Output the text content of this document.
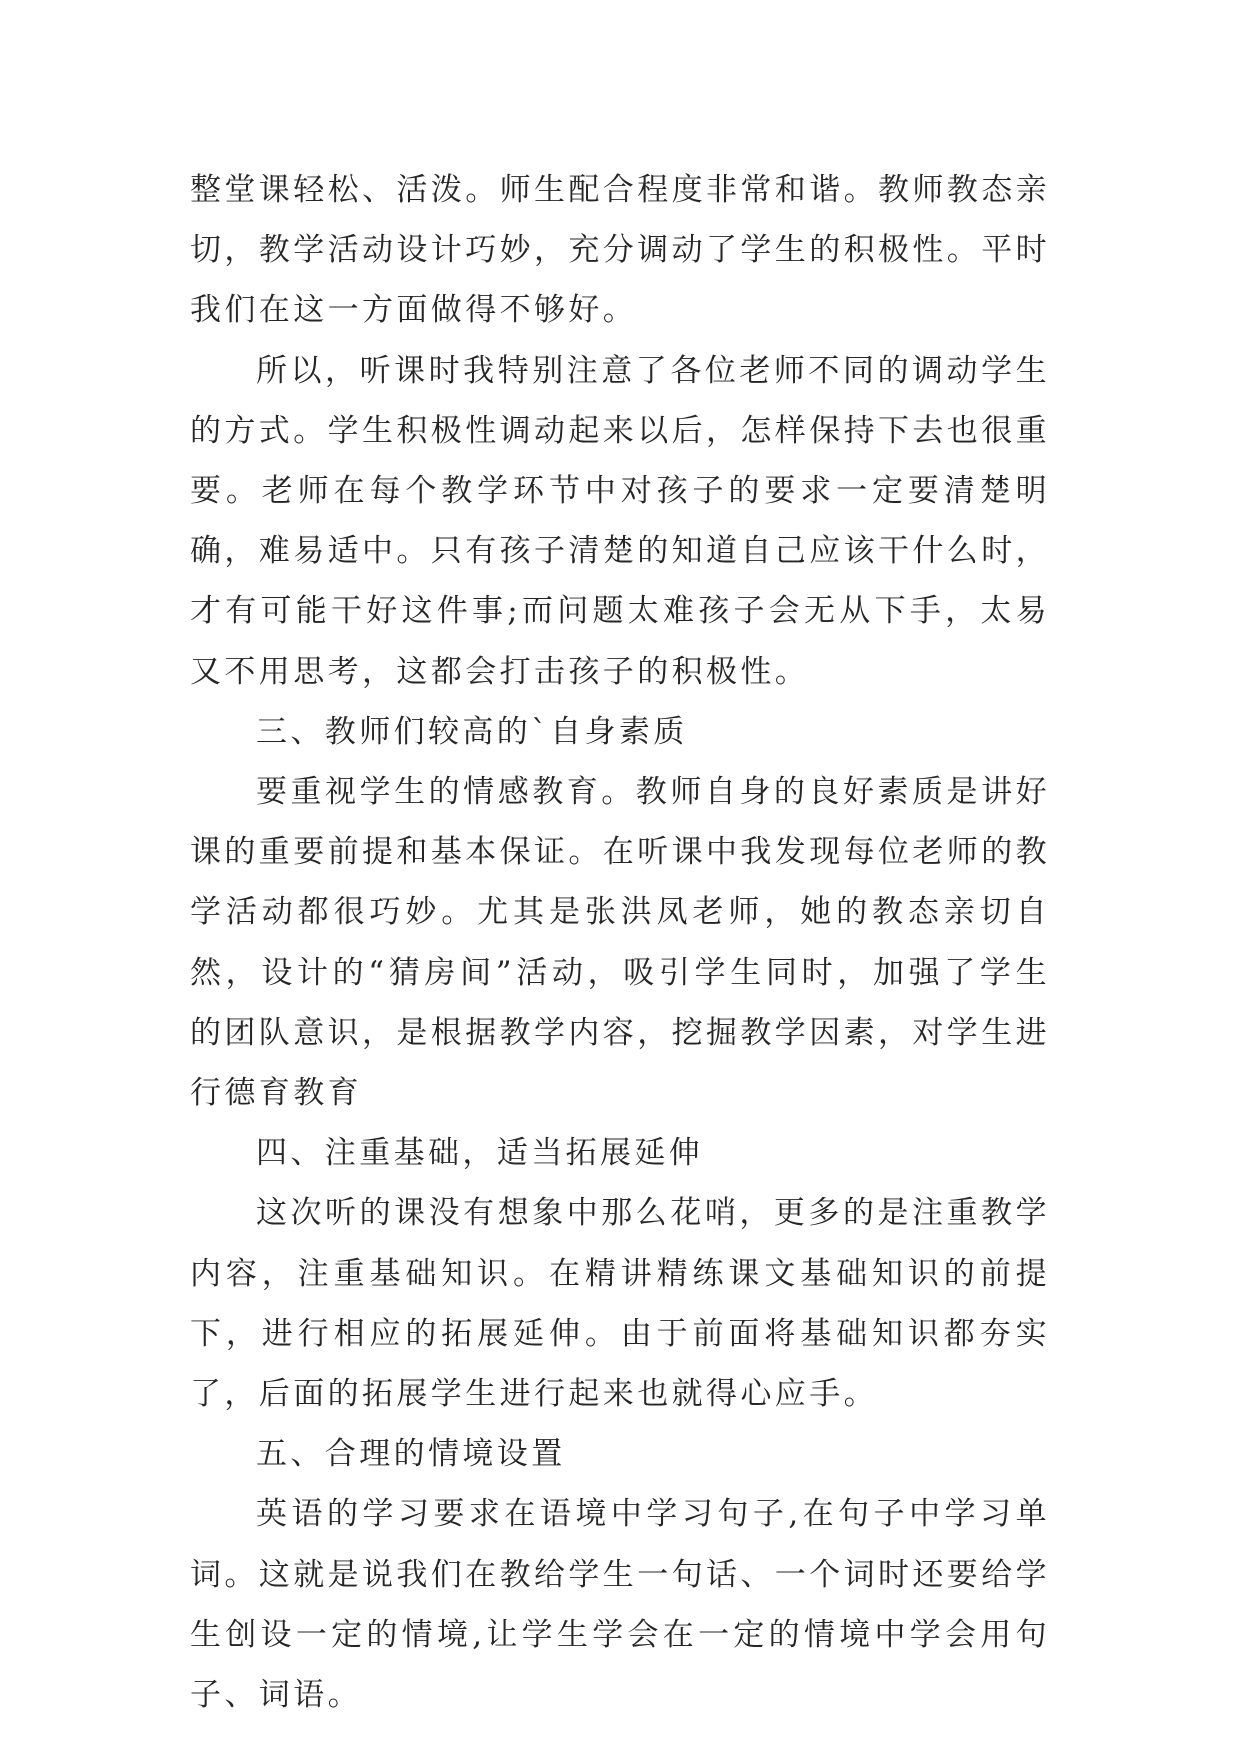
整堂课轻松、活泼。师生配合程度非常和谐。教师教态亲切，教学活动设计巧妙，充分调动了学生的积极性。平时我们在这一方面做得不够好。

所以，听课时我特别注意了各位老师不同的调动学生的方式。学生积极性调动起来以后，怎样保持下去也很重要。老师在每个教学环节中对孩子的要求一定要清楚明确，难易适中。只有孩子清楚的知道自己应该干什么时，才有可能干好这件事;而问题太难孩子会无从下手，太易又不用思考，这都会打击孩子的积极性。

三、教师们较高的`自身素质

要重视学生的情感教育。教师自身的良好素质是讲好课的重要前提和基本保证。在听课中我发现每位老师的教学活动都很巧妙。尤其是张洪凤老师，她的教态亲切自然，设计的“猜房间”活动，吸引学生同时，加强了学生的团队意识，是根据教学内容，挖掘教学因素，对学生进行德育教育

四、注重基础，适当拓展延伸

这次听的课没有想象中那么花哨，更多的是注重教学内容，注重基础知识。在精讲精练课文基础知识的前提下，进行相应的拓展延伸。由于前面将基础知识都夯实了，后面的拓展学生进行起来也就得心应手。

五、合理的情境设置

英语的学习要求在语境中学习句子,在句子中学习单词。这就是说我们在教给学生一句话、一个词时还要给学生创设一定的情境,让学生学会在一定的情境中学会用句子、词语。
